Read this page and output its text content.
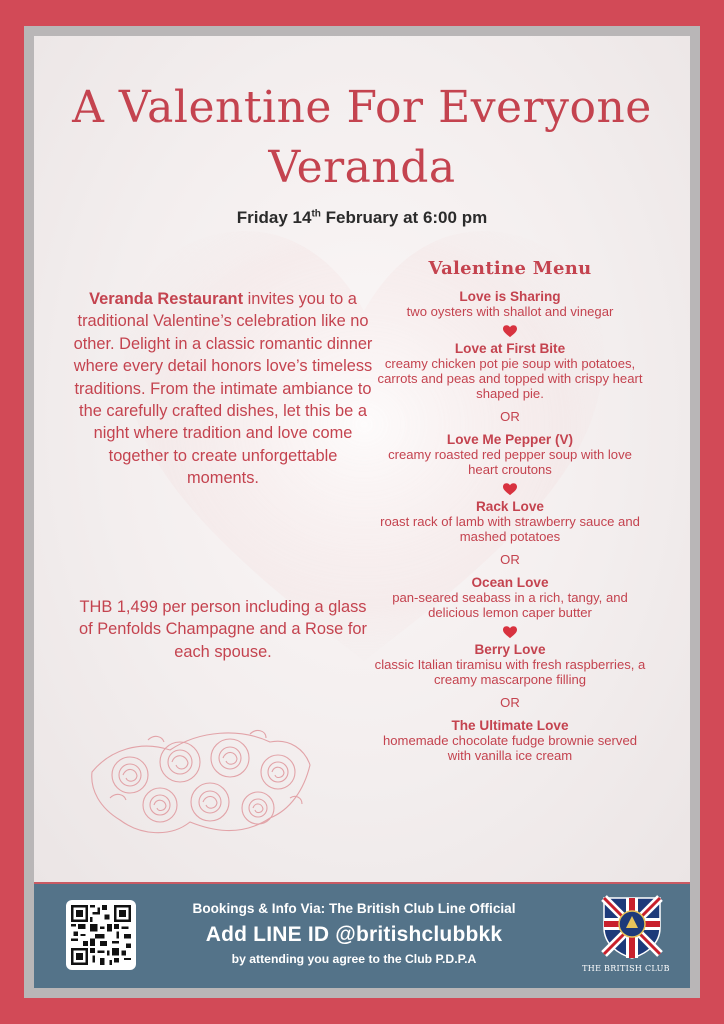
A Valentine For Everyone
Veranda
Friday 14th February at 6:00 pm
Veranda Restaurant invites you to a traditional Valentine’s celebration like no other. Delight in a classic romantic dinner where every detail honors love’s timeless traditions. From the intimate ambiance to the carefully crafted dishes, let this be a night where tradition and love come together to create unforgettable moments.
THB 1,499 per person including a glass of Penfolds Champagne and a Rose for each spouse.
Valentine Menu
Love is Sharing
two oysters with shallot and vinegar
Love at First Bite
creamy chicken pot pie soup with potatoes, carrots and peas and topped with crispy heart shaped pie.
OR
Love Me Pepper (V)
creamy roasted red pepper soup with love heart croutons
Rack Love
roast rack of lamb with strawberry sauce and mashed potatoes
OR
Ocean Love
pan-seared seabass in a rich, tangy, and delicious lemon caper butter
Berry Love
classic Italian tiramisu with fresh raspberries, a creamy mascarpone filling
OR
The Ultimate Love
homemade chocolate fudge brownie served with vanilla ice cream
Bookings & Info Via: The British Club Line Official
Add LINE ID @britishclubbkk
by attending you agree to the Club P.D.P.A
THE BRITISH CLUB
